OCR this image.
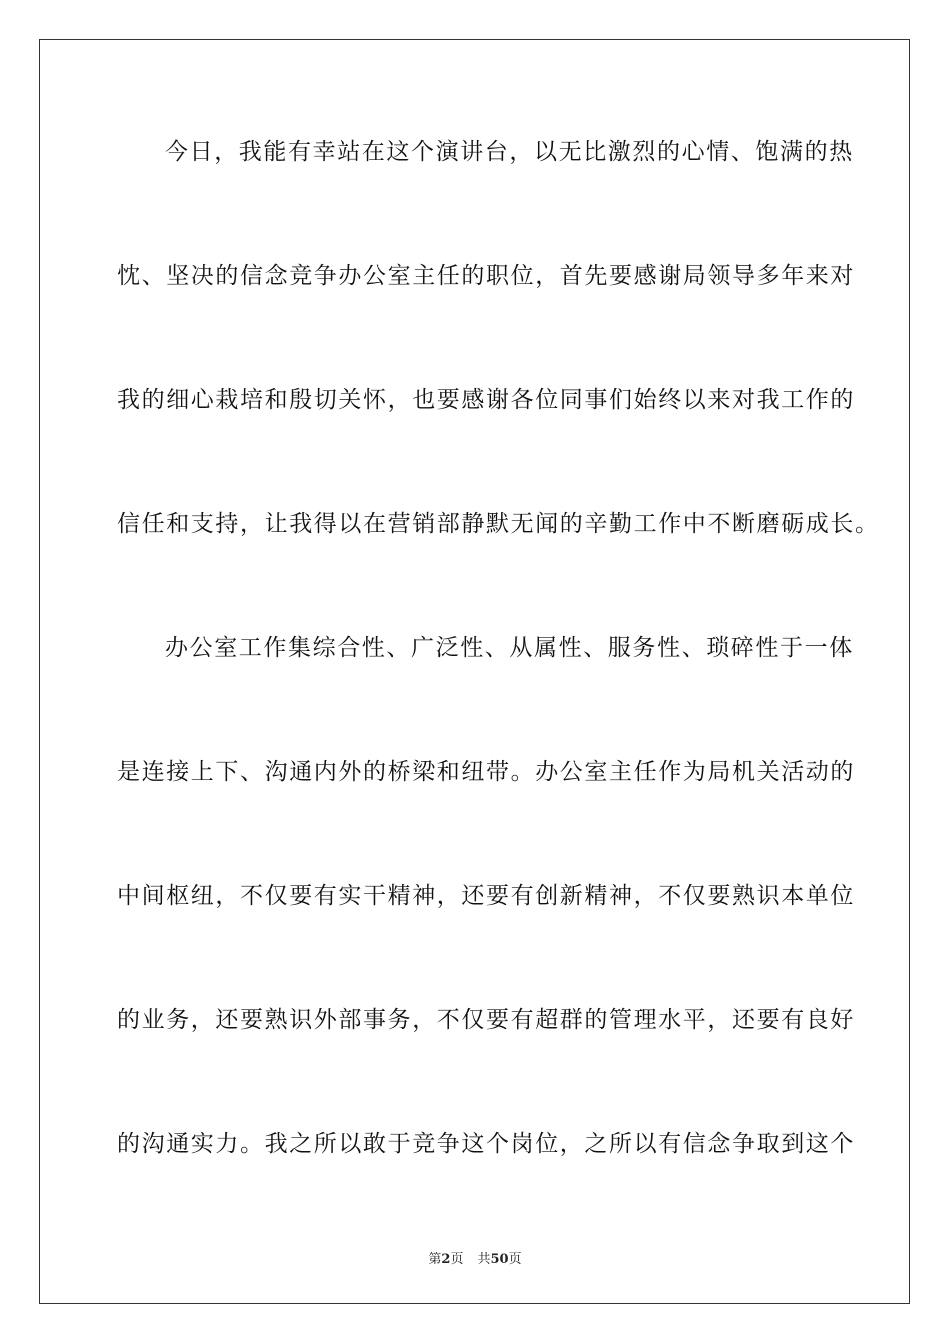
今日，我能有幸站在这个演讲台，以无比激烈的心情、饱满的热
忱、坚决的信念竞争办公室主任的职位，首先要感谢局领导多年来对
我的细心栽培和殷切关怀，也要感谢各位同事们始终以来对我工作的
信任和支持，让我得以在营销部静默无闻的辛勤工作中不断磨砺成长。
办公室工作集综合性、广泛性、从属性、服务性、琐碎性于一体
是连接上下、沟通内外的桥梁和纽带。办公室主任作为局机关活动的
中间枢纽，不仅要有实干精神，还要有创新精神，不仅要熟识本单位
的业务，还要熟识外部事务，不仅要有超群的管理水平，还要有良好
的沟通实力。我之所以敢于竞争这个岗位，之所以有信念争取到这个
第2页 共50页
